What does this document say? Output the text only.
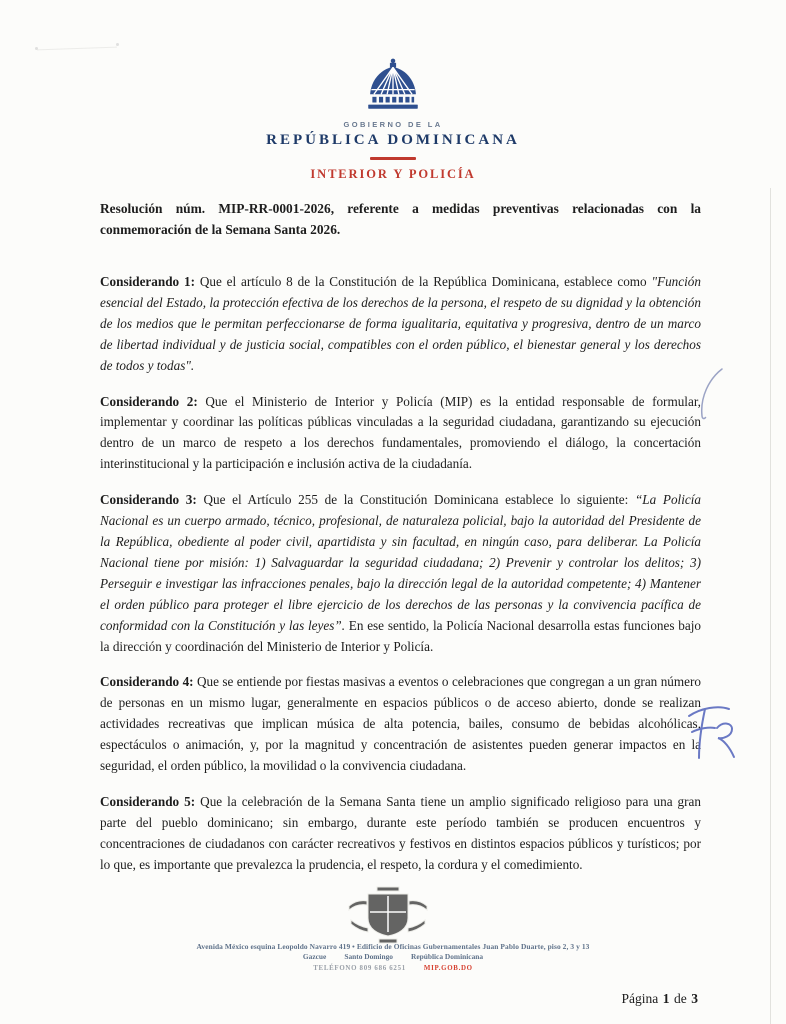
GOBIERNO DE LA
REPÚBLICA DOMINICANA
INTERIOR Y POLICÍA

Resolución núm. MIP-RR-0001-2026, referente a medidas preventivas relacionadas con la conmemoración de la Semana Santa 2026.

Considerando 1: Que el artículo 8 de la Constitución de la República Dominicana, establece como "Función esencial del Estado, la protección efectiva de los derechos de la persona, el respeto de su dignidad y la obtención de los medios que le permitan perfeccionarse de forma igualitaria, equitativa y progresiva, dentro de un marco de libertad individual y de justicia social, compatibles con el orden público, el bienestar general y los derechos de todos y todas".

Considerando 2: Que el Ministerio de Interior y Policía (MIP) es la entidad responsable de formular, implementar y coordinar las políticas públicas vinculadas a la seguridad ciudadana, garantizando su ejecución dentro de un marco de respeto a los derechos fundamentales, promoviendo el diálogo, la concertación interinstitucional y la participación e inclusión activa de la ciudadanía.

Considerando 3: Que el Artículo 255 de la Constitución Dominicana establece lo siguiente: “La Policía Nacional es un cuerpo armado, técnico, profesional, de naturaleza policial, bajo la autoridad del Presidente de la República, obediente al poder civil, apartidista y sin facultad, en ningún caso, para deliberar. La Policía Nacional tiene por misión: 1) Salvaguardar la seguridad ciudadana; 2) Prevenir y controlar los delitos; 3) Perseguir e investigar las infracciones penales, bajo la dirección legal de la autoridad competente; 4) Mantener el orden público para proteger el libre ejercicio de los derechos de las personas y la convivencia pacífica de conformidad con la Constitución y las leyes”. En ese sentido, la Policía Nacional desarrolla estas funciones bajo la dirección y coordinación del Ministerio de Interior y Policía.

Considerando 4: Que se entiende por fiestas masivas a eventos o celebraciones que congregan a un gran número de personas en un mismo lugar, generalmente en espacios públicos o de acceso abierto, donde se realizan actividades recreativas que implican música de alta potencia, bailes, consumo de bebidas alcohólicas, espectáculos o animación, y, por la magnitud y concentración de asistentes pueden generar impactos en la seguridad, el orden público, la movilidad o la convivencia ciudadana.

Considerando 5: Que la celebración de la Semana Santa tiene un amplio significado religioso para una gran parte del pueblo dominicano; sin embargo, durante este período también se producen encuentros y concentraciones de ciudadanos con carácter recreativos y festivos en distintos espacios públicos y turísticos; por lo que, es importante que prevalezca la prudencia, el respeto, la cordura y el comedimiento.

Avenida México esquina Leopoldo Navarro 419 • Edificio de Oficinas Gubernamentales Juan Pablo Duarte, piso 2, 3 y 13
Gazcue Santo Domingo República Dominicana
TELÉFONO 809 686 6251	MIP.GOB.DO
Página 1 de 3
